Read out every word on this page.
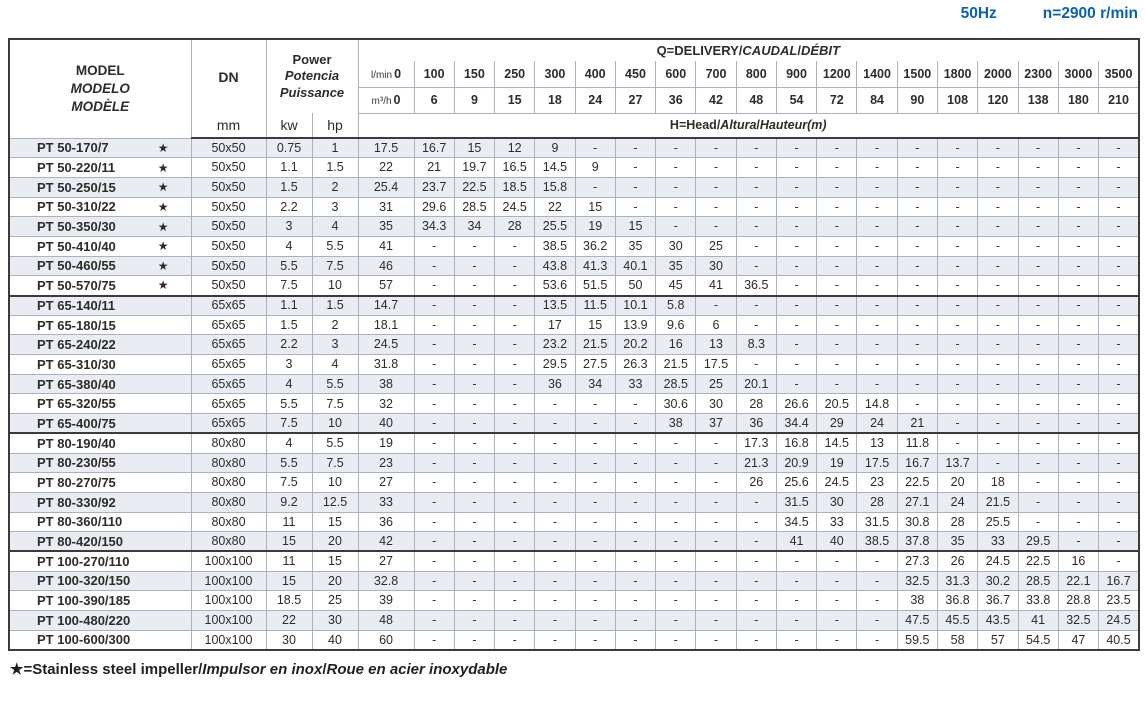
50Hz	n=2900 r/min
MODEL
MODELO
MODÈLE
	DN	
Power
Potencia
Puissance
	Q=DELIVERY/CAUDAL/DÉBIT
				l/min 0	100	150	250	300	400	450	600	700	800	900	1200	1400	1500	1800	2000	2300	3000	3500
				m³/h 0	6	9	15	18	24	27	36	42	48	54	72	84	90	108	120	138	180	210
	mm	kw	hp	H=Head/Altura/Hauteur(m)																		

PT 50-170/7 ★	50x50	0.75	1	17.5	16.7	15	12	9	-	-	-	-	-	-	-	-	-	-	-	-	-	-

PT 50-220/11 ★	50x50	1.1	1.5	22	21	19.7	16.5	14.5	9	-	-	-	-	-	-	-	-	-	-	-	-	-

PT 50-250/15 ★	50x50	1.5	2	25.4	23.7	22.5	18.5	15.8	-	-	-	-	-	-	-	-	-	-	-	-	-	-

PT 50-310/22 ★	50x50	2.2	3	31	29.6	28.5	24.5	22	15	-	-	-	-	-	-	-	-	-	-	-	-	-

PT 50-350/30 ★	50x50	3	4	35	34.3	34	28	25.5	19	15	-	-	-	-	-	-	-	-	-	-	-	-

PT 50-410/40 ★	50x50	4	5.5	41	-	-	-	38.5	36.2	35	30	25	-	-	-	-	-	-	-	-	-	-

PT 50-460/55 ★	50x50	5.5	7.5	46	-	-	-	43.8	41.3	40.1	35	30	-	-	-	-	-	-	-	-	-	-

PT 50-570/75 ★	50x50	7.5	10	57	-	-	-	53.6	51.5	50	45	41	36.5	-	-	-	-	-	-	-	-	-

PT 65-140/11	65x65	1.1	1.5	14.7	-	-	-	13.5	11.5	10.1	5.8	-	-	-	-	-	-	-	-	-	-	-

PT 65-180/15	65x65	1.5	2	18.1	-	-	-	17	15	13.9	9.6	6	-	-	-	-	-	-	-	-	-	-

PT 65-240/22	65x65	2.2	3	24.5	-	-	-	23.2	21.5	20.2	16	13	8.3	-	-	-	-	-	-	-	-	-

PT 65-310/30	65x65	3	4	31.8	-	-	-	29.5	27.5	26.3	21.5	17.5	-	-	-	-	-	-	-	-	-	-

PT 65-380/40	65x65	4	5.5	38	-	-	-	36	34	33	28.5	25	20.1	-	-	-	-	-	-	-	-	-

PT 65-320/55	65x65	5.5	7.5	32	-	-	-	-	-	-	30.6	30	28	26.6	20.5	14.8	-	-	-	-	-	-

PT 65-400/75	65x65	7.5	10	40	-	-	-	-	-	-	38	37	36	34.4	29	24	21	-	-	-	-	-

PT 80-190/40	80x80	4	5.5	19	-	-	-	-	-	-	-	-	17.3	16.8	14.5	13	11.8	-	-	-	-	-

PT 80-230/55	80x80	5.5	7.5	23	-	-	-	-	-	-	-	-	21.3	20.9	19	17.5	16.7	13.7	-	-	-	-

PT 80-270/75	80x80	7.5	10	27	-	-	-	-	-	-	-	-	26	25.6	24.5	23	22.5	20	18	-	-	-

PT 80-330/92	80x80	9.2	12.5	33	-	-	-	-	-	-	-	-	-	31.5	30	28	27.1	24	21.5	-	-	-

PT 80-360/110	80x80	11	15	36	-	-	-	-	-	-	-	-	-	34.5	33	31.5	30.8	28	25.5	-	-	-

PT 80-420/150	80x80	15	20	42	-	-	-	-	-	-	-	-	-	41	40	38.5	37.8	35	33	29.5	-	-

PT 100-270/110	100x100	11	15	27	-	-	-	-	-	-	-	-	-	-	-	-	27.3	26	24.5	22.5	16	-

PT 100-320/150	100x100	15	20	32.8	-	-	-	-	-	-	-	-	-	-	-	-	32.5	31.3	30.2	28.5	22.1	16.7

PT 100-390/185	100x100	18.5	25	39	-	-	-	-	-	-	-	-	-	-	-	-	38	36.8	36.7	33.8	28.8	23.5

PT 100-480/220	100x100	22	30	48	-	-	-	-	-	-	-	-	-	-	-	-	47.5	45.5	43.5	41	32.5	24.5

PT 100-600/300	100x100	30	40	60	-	-	-	-	-	-	-	-	-	-	-	-	59.5	58	57	54.5	47	40.5
★=Stainless steel impeller/Impulsor en inox/Roue en acier inoxydable
